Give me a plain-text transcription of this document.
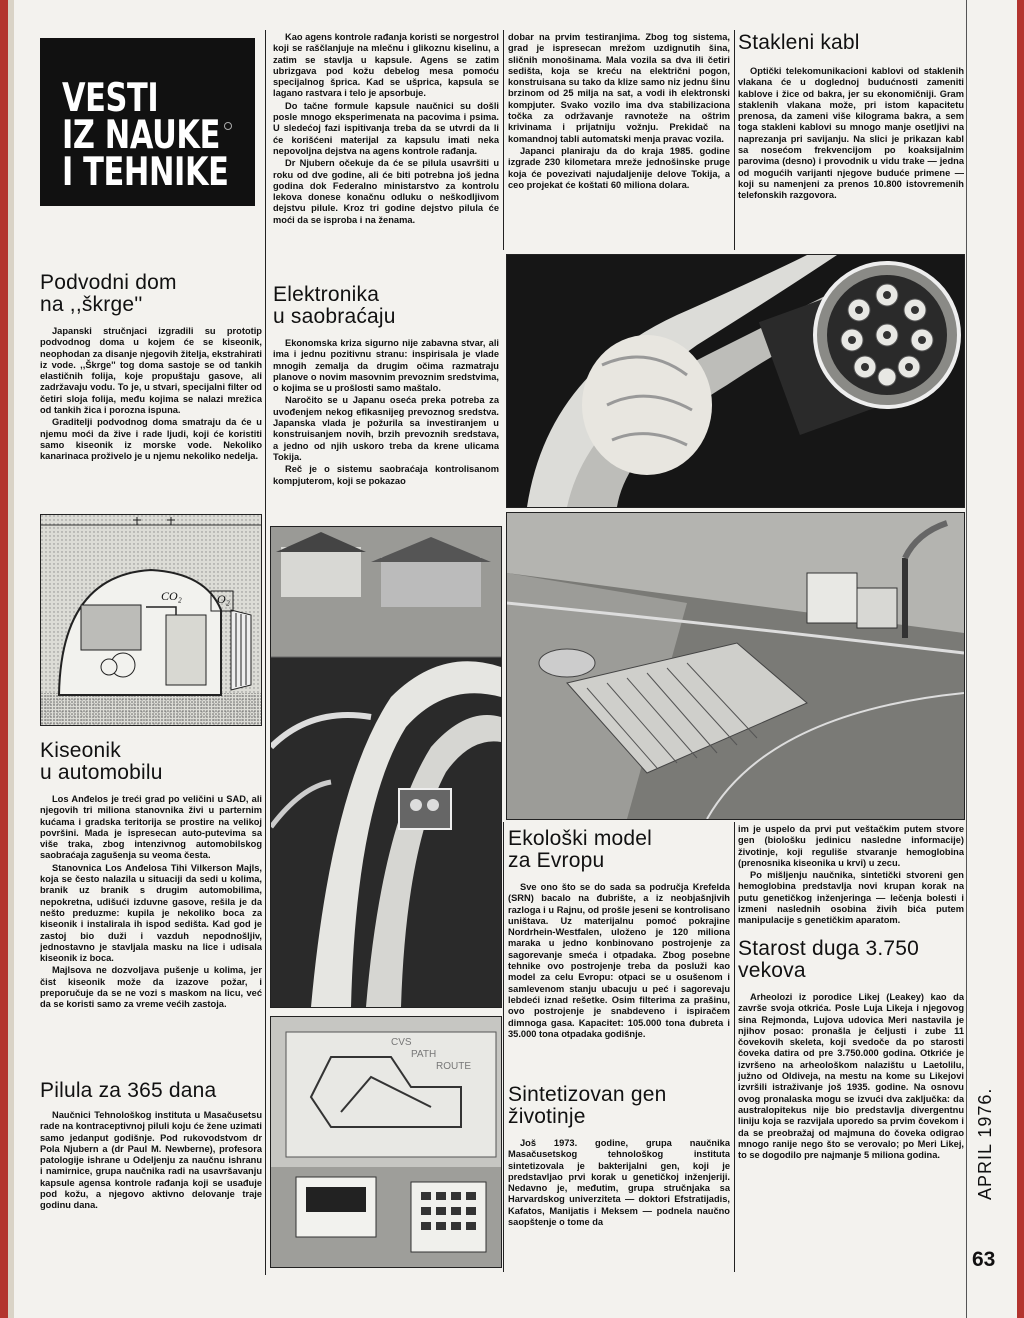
VESTI
IZ NAUKE
I TEHNIKE
Podvodni dom
na ,,škrge''

Japanski stručnjaci izgradili su prototip podvodnog doma u kojem će se kiseonik, neophodan za disanje njegovih žitelja, ekstrahirati iz vode. ,,Škrge'' tog doma sastoje se od tankih elastičnih folija, koje propuštaju gasove, ali zadržavaju vodu. To je, u stvari, specijalni filter od četiri sloja folija, među kojima se nalazi mrežica od tankih žica i porozna ispuna.

Graditelji podvodnog doma smatraju da će u njemu moći da žive i rade ljudi, koji će koristiti samo kiseonik iz morske vode. Nekoliko kanarinaca proživelo je u njemu nekoliko nedelja.

CO₂	O₂
Kiseonik
u automobilu

Los Anđelos je treći grad po veličini u SAD, ali njegovih tri miliona stanovnika živi u parternim kućama i gradska teritorija se prostire na velikoj površini. Mada je ispresecan auto-putevima sa više traka, zbog intenzivnog automobilskog saobraćaja zagušenja su veoma česta.

Stanovnica Los Anđelosa Tihi Vilkerson Majls, koja se često nalazila u situaciji da sedi u kolima, branik uz branik s drugim automobilima, nepokretna, udišući izduvne gasove, rešila je da nešto preduzme: kupila je nekoliko boca za kiseonik i instalirala ih ispod sedišta. Kad god je zastoj bio duži i vazduh nepodnošljiv, jednostavno je stavljala masku na lice i udisala kiseonik iz boca.

Majlsova ne dozvoljava pušenje u kolima, jer čist kiseonik može da izazove požar, i preporučuje da se ne vozi s maskom na licu, već da se koristi samo za vreme većih zastoja.

Pilula za 365 dana

Naučnici Tehnološkog instituta u Masačusetsu rade na kontraceptivnoj piluli koju će žene uzimati samo jedanput godišnje. Pod rukovodstvom dr Pola Njubern a (dr Paul M. Newberne), profesora patologije ishrane u Odeljenju za naučnu ishranu i namirnice, grupa naučnika radi na usavršavanju kapsule agensa kontrole rađanja koji se usađuje pod kožu, a njegovo aktivno delovanje traje godinu dana.

Kao agens kontrole rađanja koristi se norgestrol koji se raščlanjuje na mlečnu i glikoznu kiselinu, a zatim se stavlja u kapsule. Agens se zatim ubrizgava pod kožu debelog mesa pomoću specijalnog šprica. Kad se ušprica, kapsula se lagano rastvara i telo je apsorbuje.

Do tačne formule kapsule naučnici su došli posle mnogo eksperimenata na pacovima i psima. U sledećoj fazi ispitivanja treba da se utvrdi da li će korišćeni materijal za kapsulu imati neka nepovoljna dejstva na agens kontrole rađanja.

Dr Njubern očekuje da će se pilula usavršiti u roku od dve godine, ali će biti potrebna još jedna godina dok Federalno ministarstvo za kontrolu lekova donese konačnu odluku o neškodljivom dejstvu pilule. Kroz tri godine dejstvo pilula će moći da se isproba i na ženama.

Elektronika
u saobraćaju

Ekonomska kriza sigurno nije zabavna stvar, ali ima i jednu pozitivnu stranu: inspirisala je vlade mnogih zemalja da drugim očima razmatraju planove o novim masovnim prevoznim sredstvima, o kojima se u prošlosti samo maštalo.

Naročito se u Japanu oseća preka potreba za uvođenjem nekog efikasnijeg prevoznog sredstva. Japanska vlada je požurila sa investiranjem u konstruisanjem novih, brzih prevoznih sredstava, a jedno od njih uskoro treba da krene ulicama Tokija.

Reč je o sistemu saobraćaja kontrolisanom kompjuterom, koji se pokazao

CVS
PATH
ROUTE

dobar na prvim testiranjima. Zbog tog sistema, grad je ispresecan mrežom uzdignutih šina, sličnih monošinama. Mala vozila sa dva ili četiri sedišta, koja se kreću na električni pogon, konstruisana su tako da klize samo niz jednu šinu brzinom od 25 milja na sat, a vodi ih elektronski kompjuter. Svako vozilo ima dva stabilizaciona točka za održavanje ravnoteže na oštrim krivinama i prijatniju vožnju. Prekidač na komandnoj tabli automatski menja pravac vozila.

Japanci planiraju da do kraja 1985. godine izgrade 230 kilometara mreže jednošinske pruge koja će povezivati najudaljenije delove Tokija, a ceo projekat će koštati 60 miliona dolara.

Stakleni kabl

Optički telekomunikacioni kablovi od staklenih vlakana će u doglednoj budućnosti zameniti kablove i žice od bakra, jer su ekonomičniji. Gram staklenih vlakana može, pri istom kapacitetu prenosa, da zameni više kilograma bakra, a sem toga stakleni kablovi su mnogo manje osetljivi na naprezanja pri savijanju. Na slici je prikazan kabl sa nosećom frekvencijom po koaksijalnim parovima (desno) i provodnik u vidu trake — jedna od mogućih varijanti njegove buduće primene — koji su namenjeni za prenos 10.800 istovremenih telefonskih razgovora.

Ekološki model
za Evropu

Sve ono što se do sada sa područja Krefelda (SRN) bacalo na đubrište, a iz neobjašnjivih razloga i u Rajnu, od prošle jeseni se kontrolisano uništava. Uz materijalnu pomoć pokrajine Nordrhein-Westfalen, uloženo je 120 miliona maraka u jedno konbinovano postrojenje za sagorevanje smeća i otpadaka. Zbog posebne tehnike ovo postrojenje treba da posluži kao model za celu Evropu: otpaci se u osušenom i samlevenom stanju ubacuju u peć i sagorevaju lebdeći iznad rešetke. Osim filterima za prašinu, ovo postrojenje je snabdeveno i ispiračem dimnoga gasa. Kapacitet: 105.000 tona đubreta i 35.000 tona otpadaka godišnje.

Sintetizovan gen
životinje

Još 1973. godine, grupa naučnika Masačusetskog tehnološkog instituta sintetizovala je bakterijalni gen, koji je predstavljao prvi korak u genetičkoj inženjeriji. Nedavno je, međutim, grupa stručnjaka sa Harvardskog univerziteta — doktori Efstratijadis, Kafatos, Manijatis i Meksem — podnela naučno saopštenje o tome da

im je uspelo da prvi put veštačkim putem stvore gen (biološku jedinicu nasledne informacije) životinje, koji reguliše stvaranje hemoglobina (prenosnika kiseonika u krvi) u zecu.

Po mišljenju naučnika, sintetički stvoreni gen hemoglobina predstavlja novi krupan korak na putu genetičkog inženjeringa — lečenja bolesti i izmeni naslednih osobina živih bića putem manipulacije s genetičkim aparatom.

Starost duga 3.750
vekova

Arheolozi iz porodice Likej (Leakey) kao da završe svoja otkrića. Posle Luja Likeja i njegovog sina Rejmonda, Lujova udovica Meri nastavila je njihov posao: pronašla je čeljusti i zube 11 čovekovih skeleta, koji svedoče da po starosti čoveka datira od pre 3.750.000 godina. Otkriće je izvršeno na arheološkom nalazištu u Laetolilu, južno od Oldiveja, na mestu na kome su Likejovi izvršili istraživanje još 1935. godine. Na osnovu ovog pronalaska mogu se izvući dva zaključka: da australopitekus nije bio predstavlja divergentnu liniju koja se razvijala uporedo sa prvim čovekom i da se preobražaj od majmuna do čoveka odigrao mnogo ranije nego što se verovalo; po Meri Likej, to se dogodilo pre najmanje 5 miliona godina.	APRIL 1976.
63
